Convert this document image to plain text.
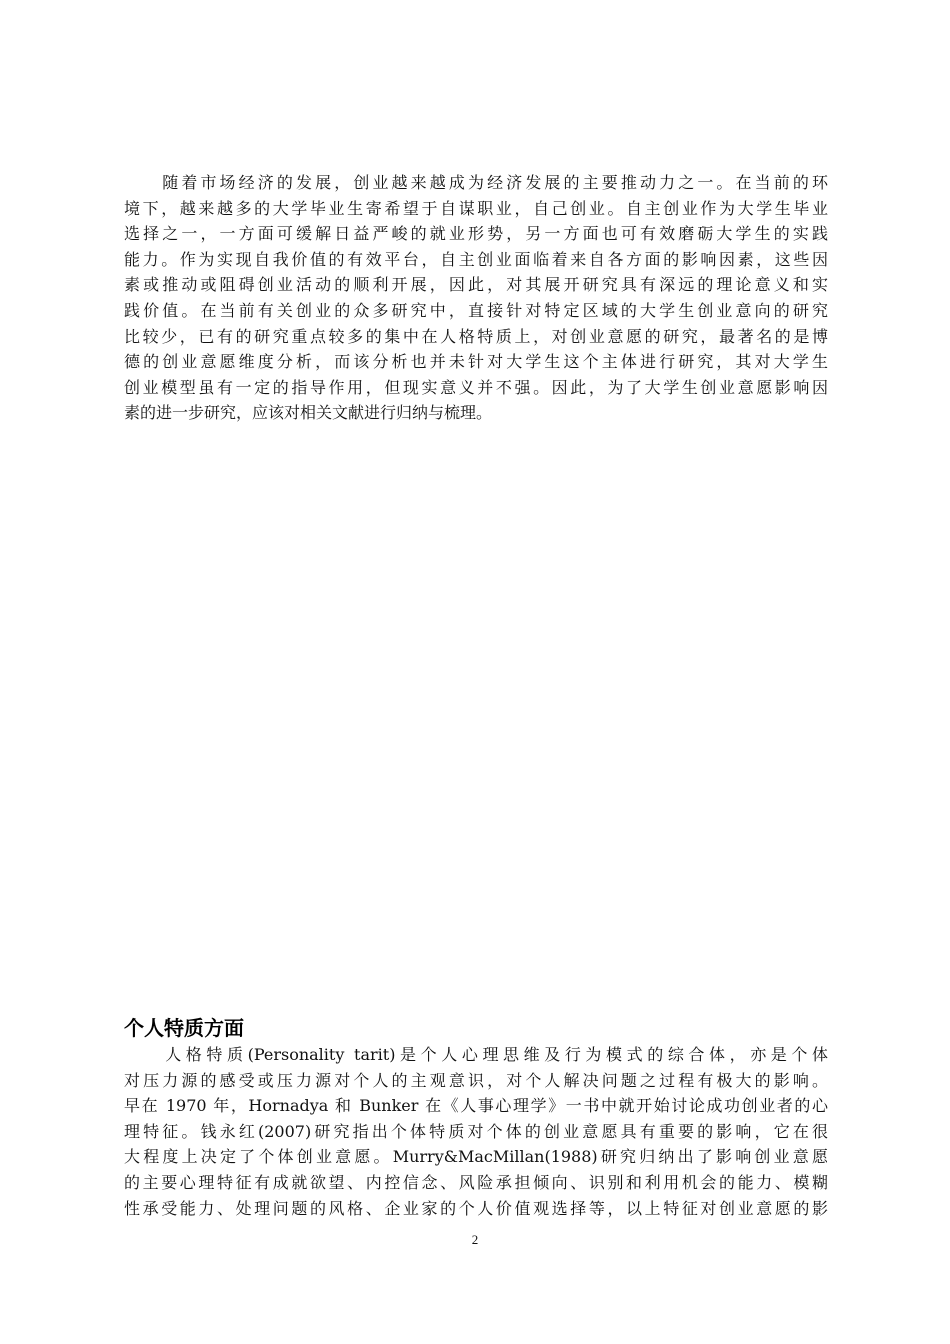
　　随着市场经济的发展，创业越来越成为经济发展的主要推动力之一。在当前的环
境下，越来越多的大学毕业生寄希望于自谋职业，自己创业。自主创业作为大学生毕业
选择之一，一方面可缓解日益严峻的就业形势，另一方面也可有效磨砺大学生的实践
能力。作为实现自我价值的有效平台，自主创业面临着来自各方面的影响因素，这些因
素或推动或阻碍创业活动的顺利开展，因此，对其展开研究具有深远的理论意义和实
践价值。在当前有关创业的众多研究中，直接针对特定区域的大学生创业意向的研究
比较少，已有的研究重点较多的集中在人格特质上，对创业意愿的研究，最著名的是博
德的创业意愿维度分析，而该分析也并未针对大学生这个主体进行研究，其对大学生
创业模型虽有一定的指导作用，但现实意义并不强。因此，为了大学生创业意愿影响因
素的进一步研究，应该对相关文献进行归纳与梳理。
个人特质方面
　　人格特质(Personality tarit)是个人心理思维及行为模式的综合体，亦是个体
对压力源的感受或压力源对个人的主观意识，对个人解决问题之过程有极大的影响。
早在 1970 年，Hornadya 和 Bunker 在《人事心理学》一书中就开始讨论成功创业者的心
理特征。钱永红(2007)研究指出个体特质对个体的创业意愿具有重要的影响，它在很
大程度上决定了个体创业意愿。Murry&MacMillan(1988)研究归纳出了影响创业意愿
的主要心理特征有成就欲望、内控信念、风险承担倾向、识别和利用机会的能力、模糊
性承受能力、处理问题的风格、企业家的个人价值观选择等，以上特征对创业意愿的影
2
